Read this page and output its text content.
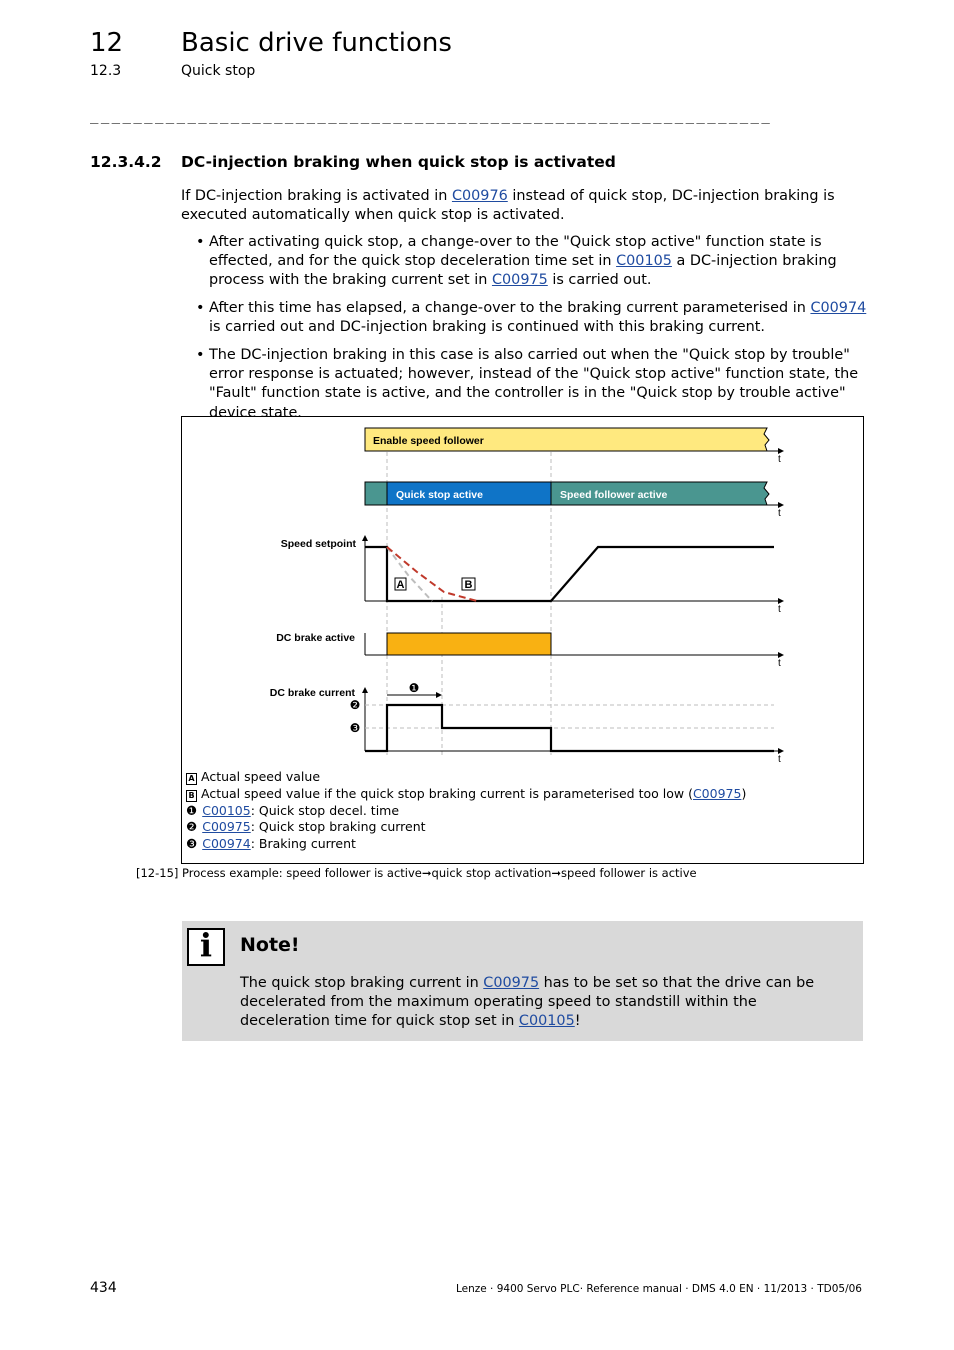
12 Basic drive functions
12.3	Quick stop
_______________________________________________________________
12.3.4.2 DC-injection braking when quick stop is activated
If DC-injection braking is activated in C00976 instead of quick stop, DC-injection braking is executed automatically when quick stop is activated.
• After activating quick stop, a change-over to the "Quick stop active" function state is effected, and for the quick stop deceleration time set in C00105 a DC-injection braking process with the braking current set in C00975 is carried out.
• After this time has elapsed, a change-over to the braking current parameterised in C00974 is carried out and DC-injection braking is continued with this braking current.
• The DC-injection braking in this case is also carried out when the "Quick stop by trouble" error response is actuated; however, instead of the "Quick stop active" function state, the "Fault" function state is active, and the controller is in the "Quick stop by trouble active" device state.
Enable speed follower
t
Quick stop active	Speed follower active
t
Speed setpoint
t
A	B
DC brake active
t
DC brake current
t
❶
❷
❸
A Actual speed value
B Actual speed value if the quick stop braking current is parameterised too low (C00975)
❶ C00105: Quick stop decel. time
❷ C00975: Quick stop braking current
❸ C00974: Braking current
[12-15] Process example: speed follower is active➞quick stop activation➞speed follower is active
i	Note!
The quick stop braking current in C00975 has to be set so that the drive can be decelerated from the maximum operating speed to standstill within the deceleration time for quick stop set in C00105!
434	Lenze · 9400 Servo PLC· Reference manual · DMS 4.0 EN · 11/2013 · TD05/06
